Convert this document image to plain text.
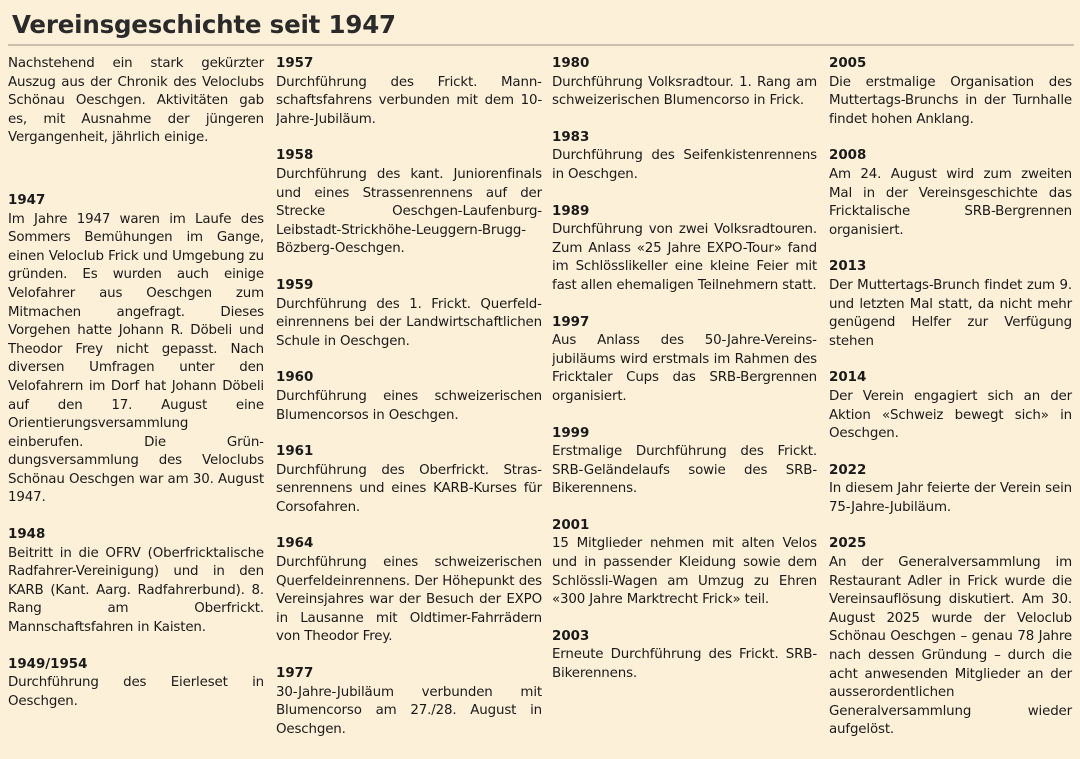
Vereinsgeschichte seit 1947

Nachstehend ein stark gekürzter Auszug aus der Chronik des Veloclubs Schönau Oeschgen. Aktivitäten gab es, mit Ausnahme der jüngeren Vergangenheit, jährlich einige.

1947

Im Jahre 1947 waren im Laufe des Sommers Bemühungen im Gange, einen Veloclub Frick und Umgebung zu gründen. Es wurden auch einige Velofahrer aus Oeschgen zum Mitmachen angefragt. Dieses Vorgehen hatte Johann R. Döbeli und Theodor Frey nicht gepasst. Nach diversen Umfragen unter den Velofahrern im Dorf hat Johann Döbeli auf den 17. August eine Orientierungsversammlung einberufen. Die Gründungsversammlung des Veloclubs Schönau Oeschgen war am 30. August 1947.

1948

Beitritt in die OFRV (Oberfricktalische Radfahrer-Vereinigung) und in den KARB (Kant. Aarg. Radfahrerbund). 8. Rang am Oberfrickt. Mannschaftsfahren in Kaisten.

1949/1954

Durchführung des Eierleset in Oeschgen.

1957

Durchführung des Frickt. Mannschaftsfahrens verbunden mit dem 10-Jahre-Jubiläum.

1958

Durchführung des kant. Juniorenfinals und eines Strassenrennens auf der Strecke Oeschgen-Laufenburg-Leibstadt-Strickhöhe-Leuggern-Brugg-Bözberg-Oeschgen.

1959

Durchführung des 1. Frickt. Querfeldeinrennens bei der Landwirtschaftlichen Schule in Oeschgen.

1960

Durchführung eines schweizerischen Blumencorsos in Oeschgen.

1961

Durchführung des Oberfrickt. Strassenrennens und eines KARB-Kurses für Corsofahren.

1964

Durchführung eines schweizerischen Querfeldeinrennens. Der Höhepunkt des Vereinsjahres war der Besuch der EXPO in Lausanne mit Oldtimer-Fahrrädern von Theodor Frey.

1977

30-Jahre-Jubiläum verbunden mit Blumencorso am 27./28. August in Oeschgen.

1980

Durchführung Volksradtour. 1. Rang am schweizerischen Blumencorso in Frick.

1983

Durchführung des Seifenkistenrennens in Oeschgen.

1989

Durchführung von zwei Volksradtouren. Zum Anlass «25 Jahre EXPO-Tour» fand im Schlösslikeller eine kleine Feier mit fast allen ehemaligen Teilnehmern statt.

1997

Aus Anlass des 50-Jahre-Vereinsjubiläums wird erstmals im Rahmen des Fricktaler Cups das SRB-Bergrennen organisiert.

1999

Erstmalige Durchführung des Frickt. SRB-Geländelaufs sowie des SRB-Bikerennens.

2001

15 Mitglieder nehmen mit alten Velos und in passender Kleidung sowie dem Schlössli-Wagen am Umzug zu Ehren «300 Jahre Marktrecht Frick» teil.

2003

Erneute Durchführung des Frickt. SRB-Bikerennens.

2005

Die erstmalige Organisation des Muttertags-Brunchs in der Turnhalle findet hohen Anklang.

2008

Am 24. August wird zum zweiten Mal in der Vereinsgeschichte das Fricktalische SRB-Bergrennen organisiert.

2013

Der Muttertags-Brunch findet zum 9. und letzten Mal statt, da nicht mehr genügend Helfer zur Verfügung stehen

2014

Der Verein engagiert sich an der Aktion «Schweiz bewegt sich» in Oeschgen.

2022

In diesem Jahr feierte der Verein sein 75-Jahre-Jubiläum.

2025

An der Generalversammlung im Restaurant Adler in Frick wurde die Vereinsauflösung diskutiert. Am 30. August 2025 wurde der Veloclub Schönau Oeschgen – genau 78 Jahre nach dessen Gründung – durch die acht anwesenden Mitglieder an der ausserordentlichen Generalversammlung wieder aufgelöst.
